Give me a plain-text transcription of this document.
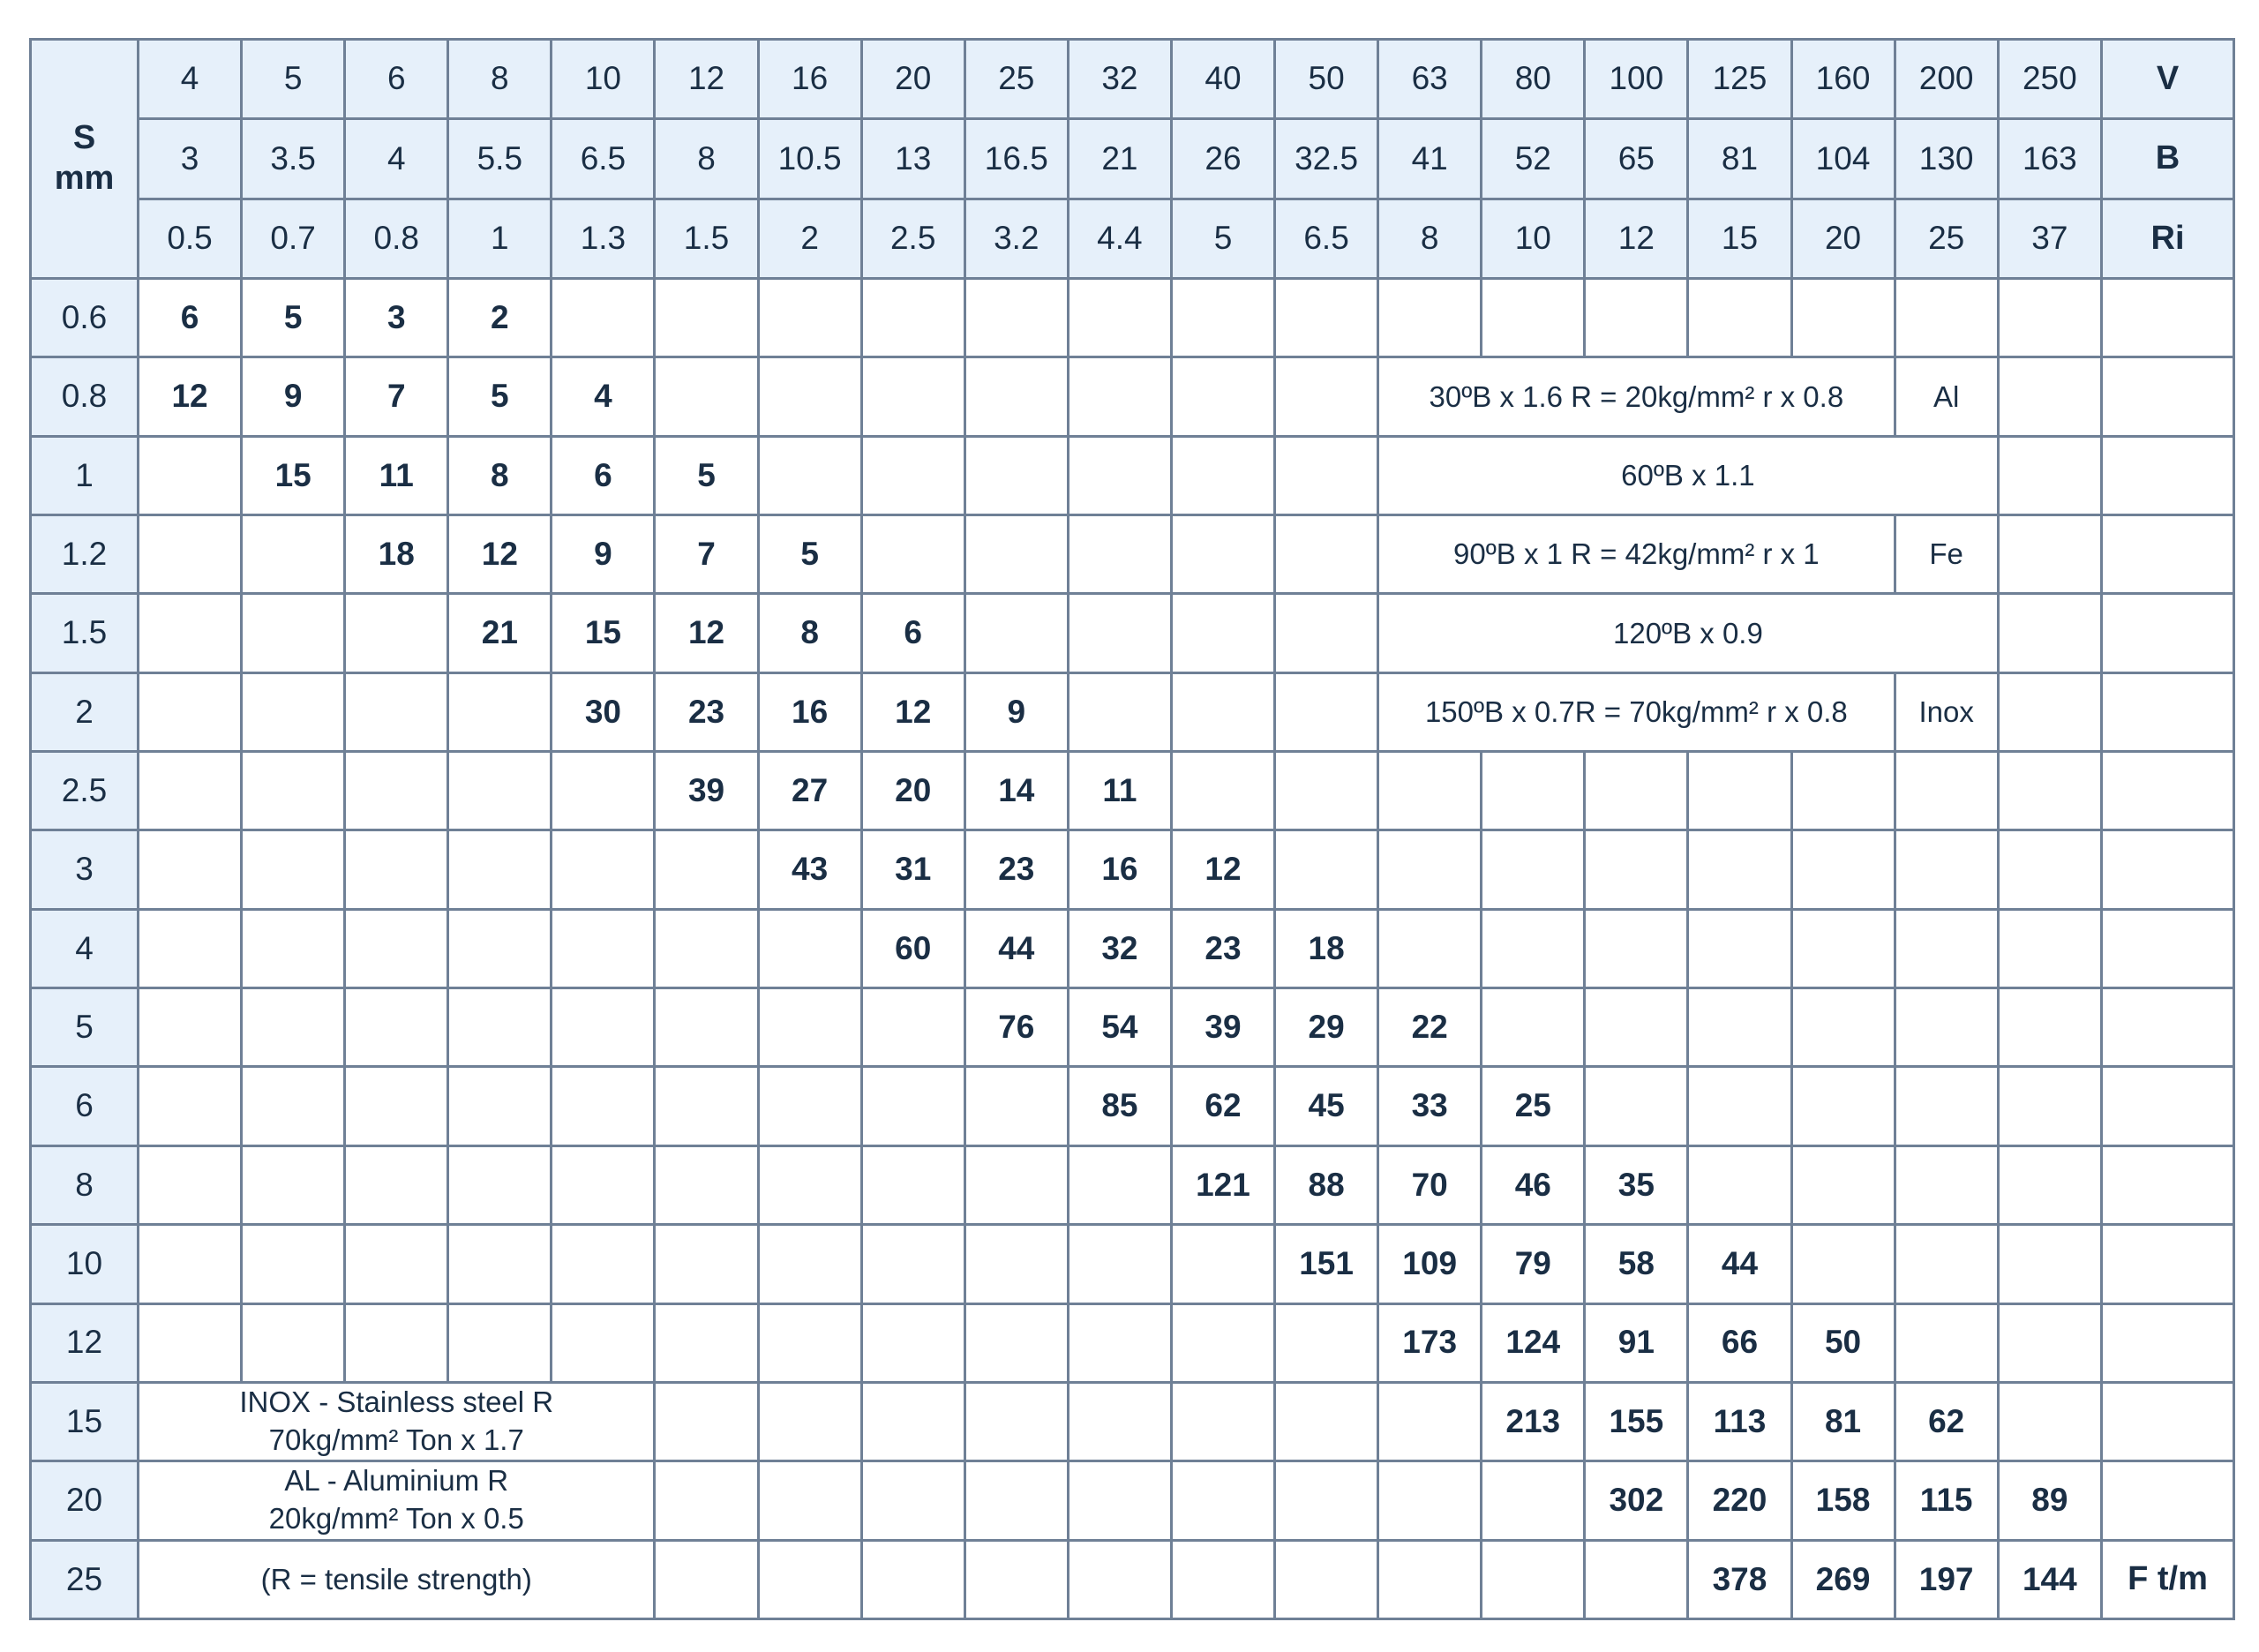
S
mm	4	5	6	8	10	12	16	20	25	32	40	50	63	80	100	125	160	200	250	V
	3	3.5	4	5.5	6.5	8	10.5	13	16.5	21	26	32.5	41	52	65	81	104	130	163	B
	0.5	0.7	0.8	1	1.3	1.5	2	2.5	3.2	4.4	5	6.5	8	10	12	15	20	25	37	Ri
0.6	6	5	3	2																
0.8	12	9	7	5	4								30ºB x 1.6 R = 20kg/mm² r x 0.8					Al		
1		15	11	8	6	5							60ºB x 1.1							
1.2			18	12	9	7	5						90ºB x 1 R = 42kg/mm² r x 1					Fe		
1.5				21	15	12	8	6					120ºB x 0.9							
2					30	23	16	12	9				150ºB x 0.7R = 70kg/mm² r x 0.8					Inox		
2.5						39	27	20	14	11										
3							43	31	23	16	12									
4								60	44	32	23	18								
5									76	54	39	29	22							
6										85	62	45	33	25						
8											121	88	70	46	35					
10												151	109	79	58	44				
12													173	124	91	66	50			
15	INOX - Stainless steel R
70kg/mm² Ton x 1.7													213	155	113	81	62		
20	AL - Aluminium R
20kg/mm² Ton x 0.5														302	220	158	115	89	
25	(R = tensile strength)															378	269	197	144	F t/m
